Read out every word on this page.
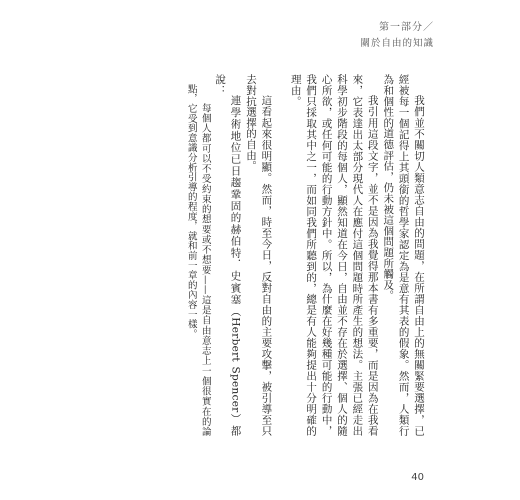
第一部分／
關於自由的知識

我們並不關切人類意志自由的問題，在所謂自由上的無關緊要選擇，已經被每一個記得上其頭銜的哲學家認定為是意有其表的假象。然而，人類行為和個性的道德評估，仍未被這個問題所觸及。

我引用這段文字，並不是因為我覺得那本書有多重要，而是因為在我看來，它表達出太部分現代人在應付這個問題時所產生的想法。主張已經走出科學初步階段的每個人，顯然知道在今日，自由並不存在於選擇、個人的隨心所欲，或任何可能的行動方針中。所以，為什麼在好幾種可能的行動中，我們只採取其中之一，而如同我們所聽到的，總是有人能夠提出十分明確的理由。

這看起來很明顯。然而，時至今日，反對自由的主要攻擊，被引導至只去對抗選擇的自由。

連學術地位已日趨鞏固的赫伯特．史賓塞（Herbert Spencer）都說：

每個人都可以不受約束的想要或不想要——這是自由意志上一個很實在的論點，它受到意識分析引導的程度，就和前一章的內容一樣。

40
